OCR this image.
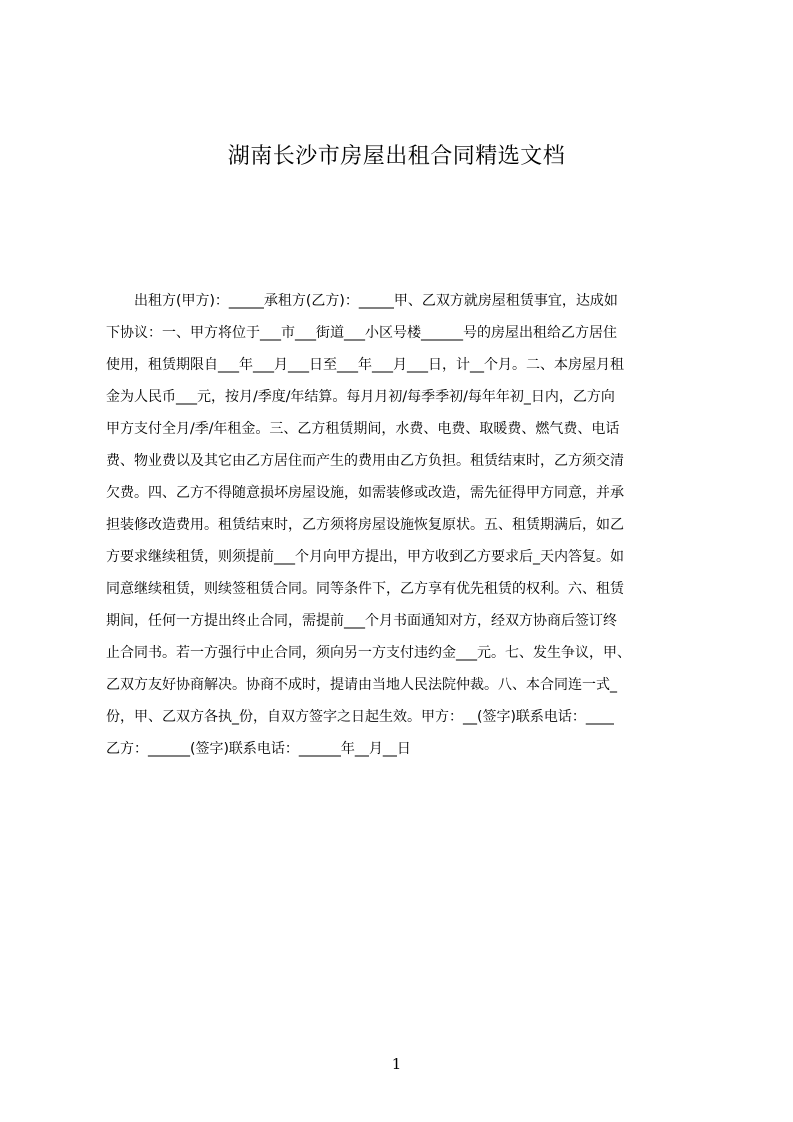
湖南长沙市房屋出租合同精选文档
　　出租方(甲方)：_____承租方(乙方)：_____甲、乙双方就房屋租赁事宜，达成如
下协议：一、甲方将位于___市___街道___小区号楼______号的房屋出租给乙方居住
使用，租赁期限自___年___月___日至___年___月___日，计__个月。二、本房屋月租
金为人民币___元，按月/季度/年结算。每月月初/每季季初/每年年初_日内，乙方向
甲方支付全月/季/年租金。三、乙方租赁期间，水费、电费、取暖费、燃气费、电话
费、物业费以及其它由乙方居住而产生的费用由乙方负担。租赁结束时，乙方须交清
欠费。四、乙方不得随意损坏房屋设施，如需装修或改造，需先征得甲方同意，并承
担装修改造费用。租赁结束时，乙方须将房屋设施恢复原状。五、租赁期满后，如乙
方要求继续租赁，则须提前___个月向甲方提出，甲方收到乙方要求后_天内答复。如
同意继续租赁，则续签租赁合同。同等条件下，乙方享有优先租赁的权利。六、租赁
期间，任何一方提出终止合同，需提前___个月书面通知对方，经双方协商后签订终
止合同书。若一方强行中止合同，须向另一方支付违约金___元。七、发生争议，甲、
乙双方友好协商解决。协商不成时，提请由当地人民法院仲裁。八、本合同连一式_
份，甲、乙双方各执_份，自双方签字之日起生效。甲方：__(签字)联系电话：____
乙方：______(签字)联系电话：______年__月__日
1
